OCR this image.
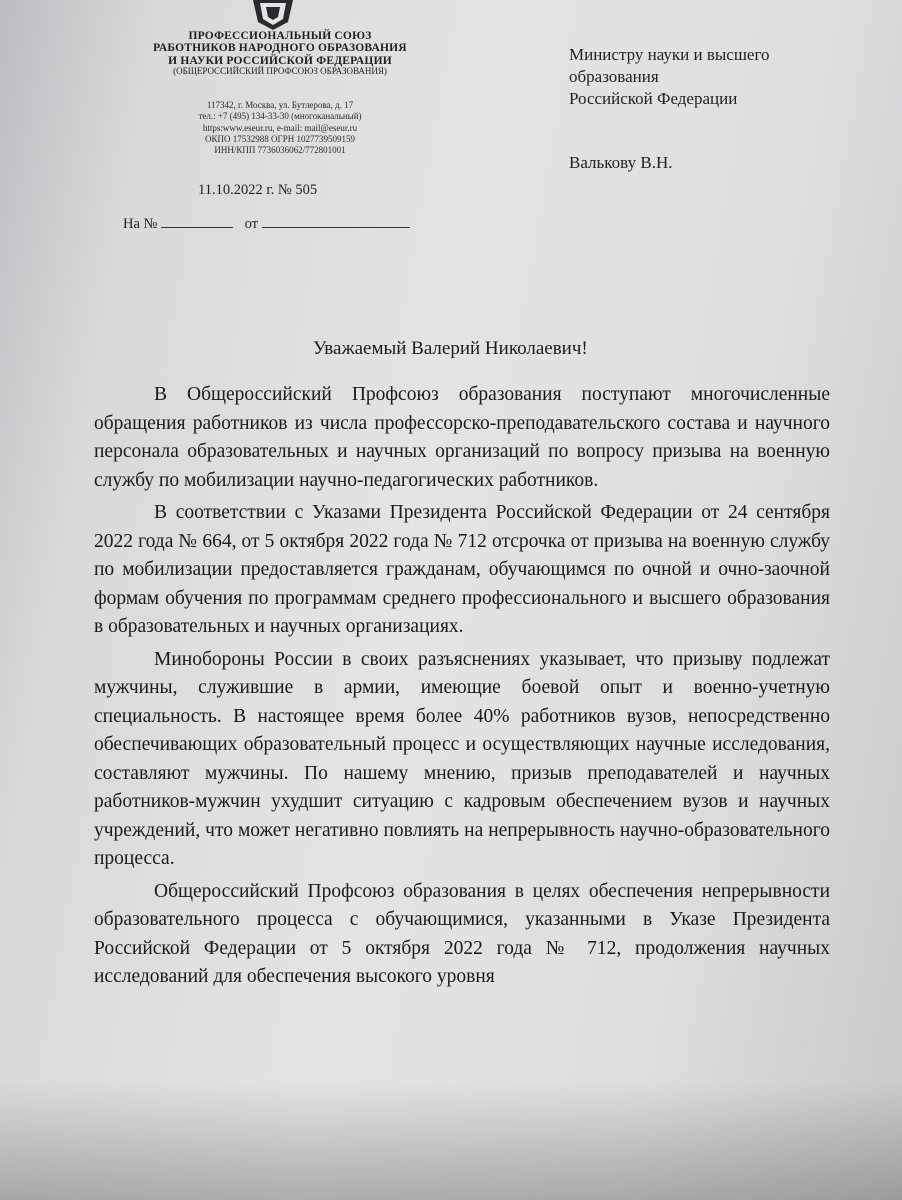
ПРОФЕССИОНАЛЬНЫЙ СОЮЗ
РАБОТНИКОВ НАРОДНОГО ОБРАЗОВАНИЯ
И НАУКИ РОССИЙСКОЙ ФЕДЕРАЦИИ
(ОБЩЕРОССИЙСКИЙ ПРОФСОЮЗ ОБРАЗОВАНИЯ)
117342, г. Москва, ул. Бутлерова, д. 17
тел.: +7 (495) 134-33-30 (многоканальный)
https:www.eseur.ru, e-mail: mail@eseur.ru
ОКПО 17532988 ОГРН 1027739509159
ИНН/КПП 7736036062/772801001
11.10.2022 г. № 505
На №	от
Министру науки и высшего
образования
Российской Федерации
Валькову В.Н.
Уважаемый Валерий Николаевич!

В Общероссийский Профсоюз образования поступают многочисленные обращения работников из числа профессорско-преподавательского состава и научного персонала образовательных и научных организаций по вопросу призыва на военную службу по мобилизации научно-педагогических работников.

В соответствии с Указами Президента Российской Федерации от 24 сентября 2022 года № 664, от 5 октября 2022 года № 712 отсрочка от призыва на военную службу по мобилизации предоставляется гражданам, обучающимся по очной и очно-заочной формам обучения по программам среднего профессионального и высшего образования в образовательных и научных организациях.

Минобороны России в своих разъяснениях указывает, что призыву подлежат мужчины, служившие в армии, имеющие боевой опыт и военно-учетную специальность. В настоящее время более 40% работников вузов, непосредственно обеспечивающих образовательный процесс и осуществляющих научные исследования, составляют мужчины. По нашему мнению, призыв преподавателей и научных работников-мужчин ухудшит ситуацию с кадровым обеспечением вузов и научных учреждений, что может негативно повлиять на непрерывность научно-образовательного процесса.

Общероссийский Профсоюз образования в целях обеспечения непрерывности образовательного процесса с обучающимися, указанными в Указе Президента Российской Федерации от 5 октября 2022 года № 712, продолжения научных исследований для обеспечения высокого уровня
